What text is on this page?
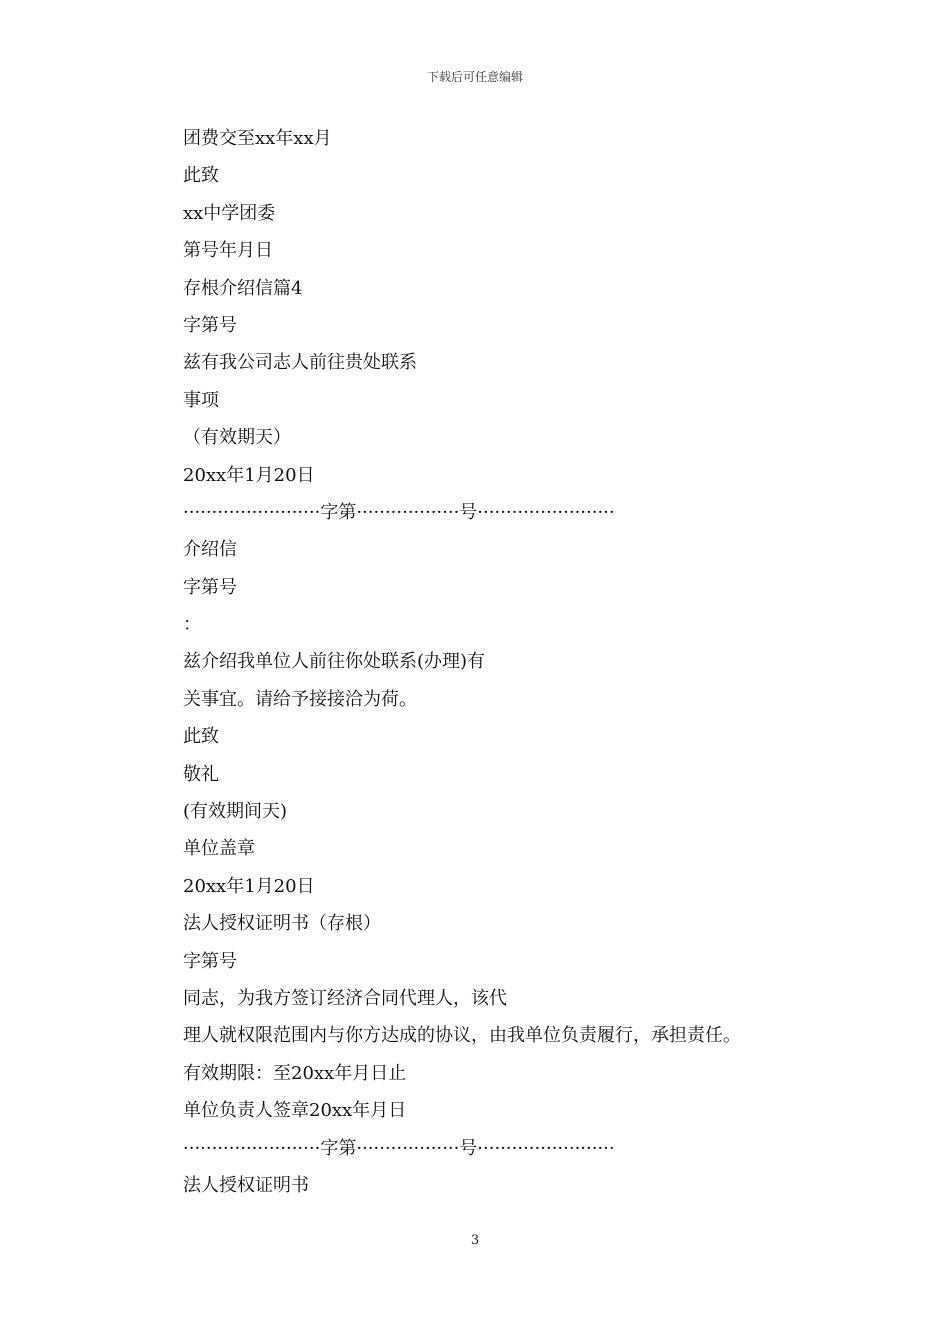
下载后可任意编辑
团费交至xx年xx月
此致
xx中学团委
第号年月日
存根介绍信篇4
字第号
兹有我公司志人前往贵处联系
事项
（有效期天）
20xx年1月20日
························字第··················号························
介绍信
字第号
：
兹介绍我单位人前往你处联系(办理)有
关事宜。请给予接接洽为荷。
此致
敬礼
(有效期间天)
单位盖章
20xx年1月20日
法人授权证明书（存根）
字第号
同志，为我方签订经济合同代理人，该代
理人就权限范围内与你方达成的协议，由我单位负责履行，承担责任。
有效期限：至20xx年月日止
单位负责人签章20xx年月日
························字第··················号························
法人授权证明书
3
